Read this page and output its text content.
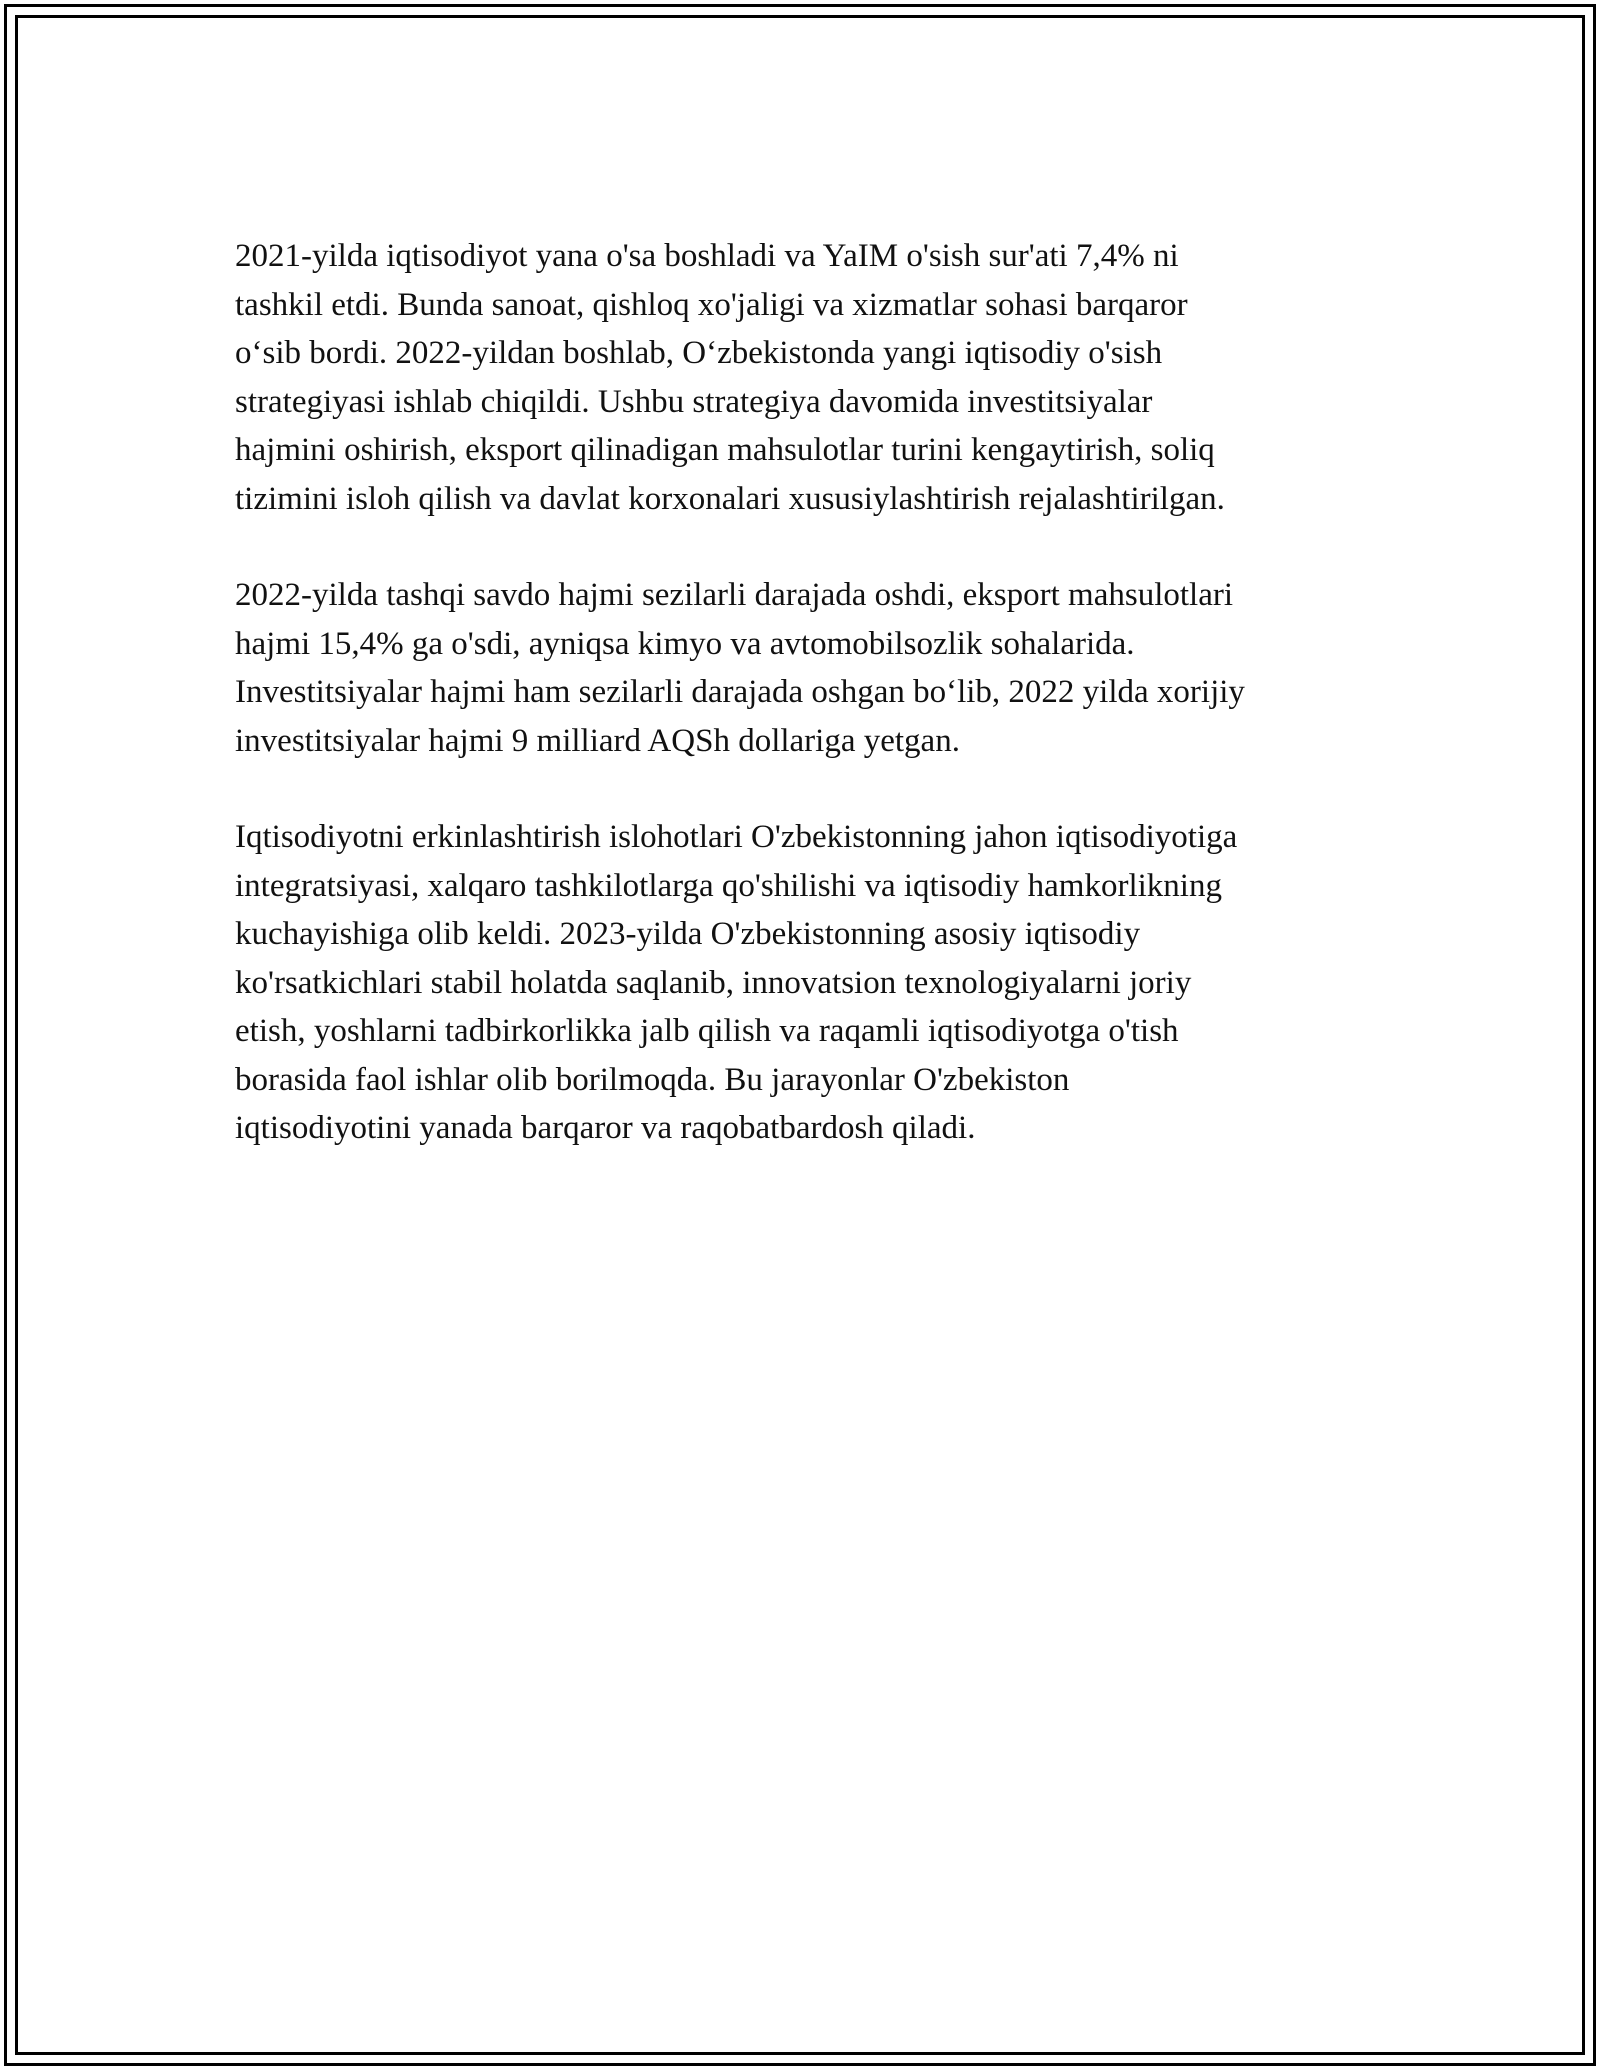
2021-yilda iqtisodiyot yana o'sa boshladi va YaIM o'sish sur'ati 7,4% ni
tashkil etdi. Bunda sanoat, qishloq xo'jaligi va xizmatlar sohasi barqaror
o‘sib bordi. 2022-yildan boshlab, O‘zbekistonda yangi iqtisodiy o'sish
strategiyasi ishlab chiqildi. Ushbu strategiya davomida investitsiyalar
hajmini oshirish, eksport qilinadigan mahsulotlar turini kengaytirish, soliq
tizimini isloh qilish va davlat korxonalari xususiylashtirish rejalashtirilgan.

2022-yilda tashqi savdo hajmi sezilarli darajada oshdi, eksport mahsulotlari
hajmi 15,4% ga o'sdi, ayniqsa kimyo va avtomobilsozlik sohalarida.
Investitsiyalar hajmi ham sezilarli darajada oshgan bo‘lib, 2022 yilda xorijiy
investitsiyalar hajmi 9 milliard AQSh dollariga yetgan.

Iqtisodiyotni erkinlashtirish islohotlari O'zbekistonning jahon iqtisodiyotiga
integratsiyasi, xalqaro tashkilotlarga qo'shilishi va iqtisodiy hamkorlikning
kuchayishiga olib keldi. 2023-yilda O'zbekistonning asosiy iqtisodiy
ko'rsatkichlari stabil holatda saqlanib, innovatsion texnologiyalarni joriy
etish, yoshlarni tadbirkorlikka jalb qilish va raqamli iqtisodiyotga o'tish
borasida faol ishlar olib borilmoqda. Bu jarayonlar O'zbekiston
iqtisodiyotini yanada barqaror va raqobatbardosh qiladi.
